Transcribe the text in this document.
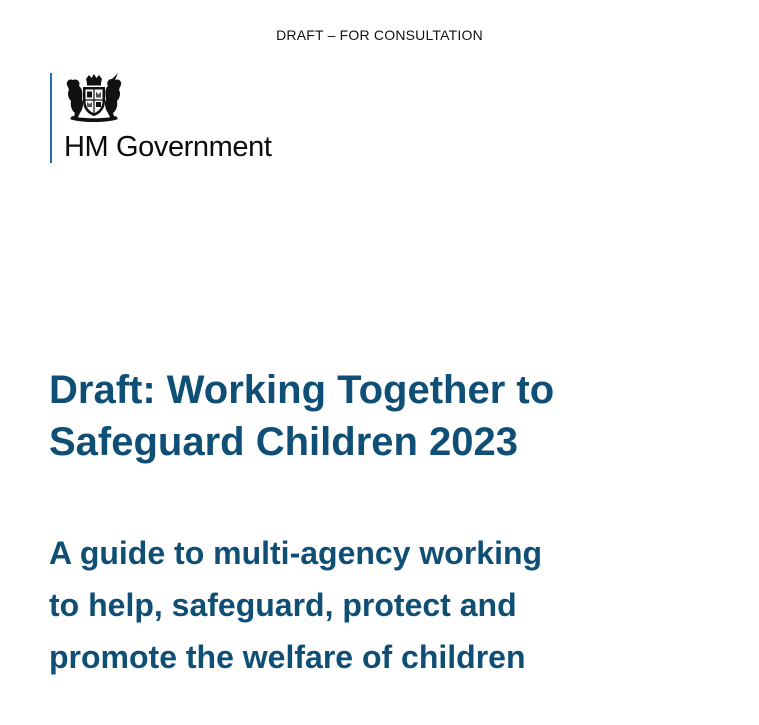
DRAFT – FOR CONSULTATION
HM Government
Draft: Working Together to
Safeguard Children 2023
A guide to multi-agency working
to help, safeguard, protect and
promote the welfare of children
